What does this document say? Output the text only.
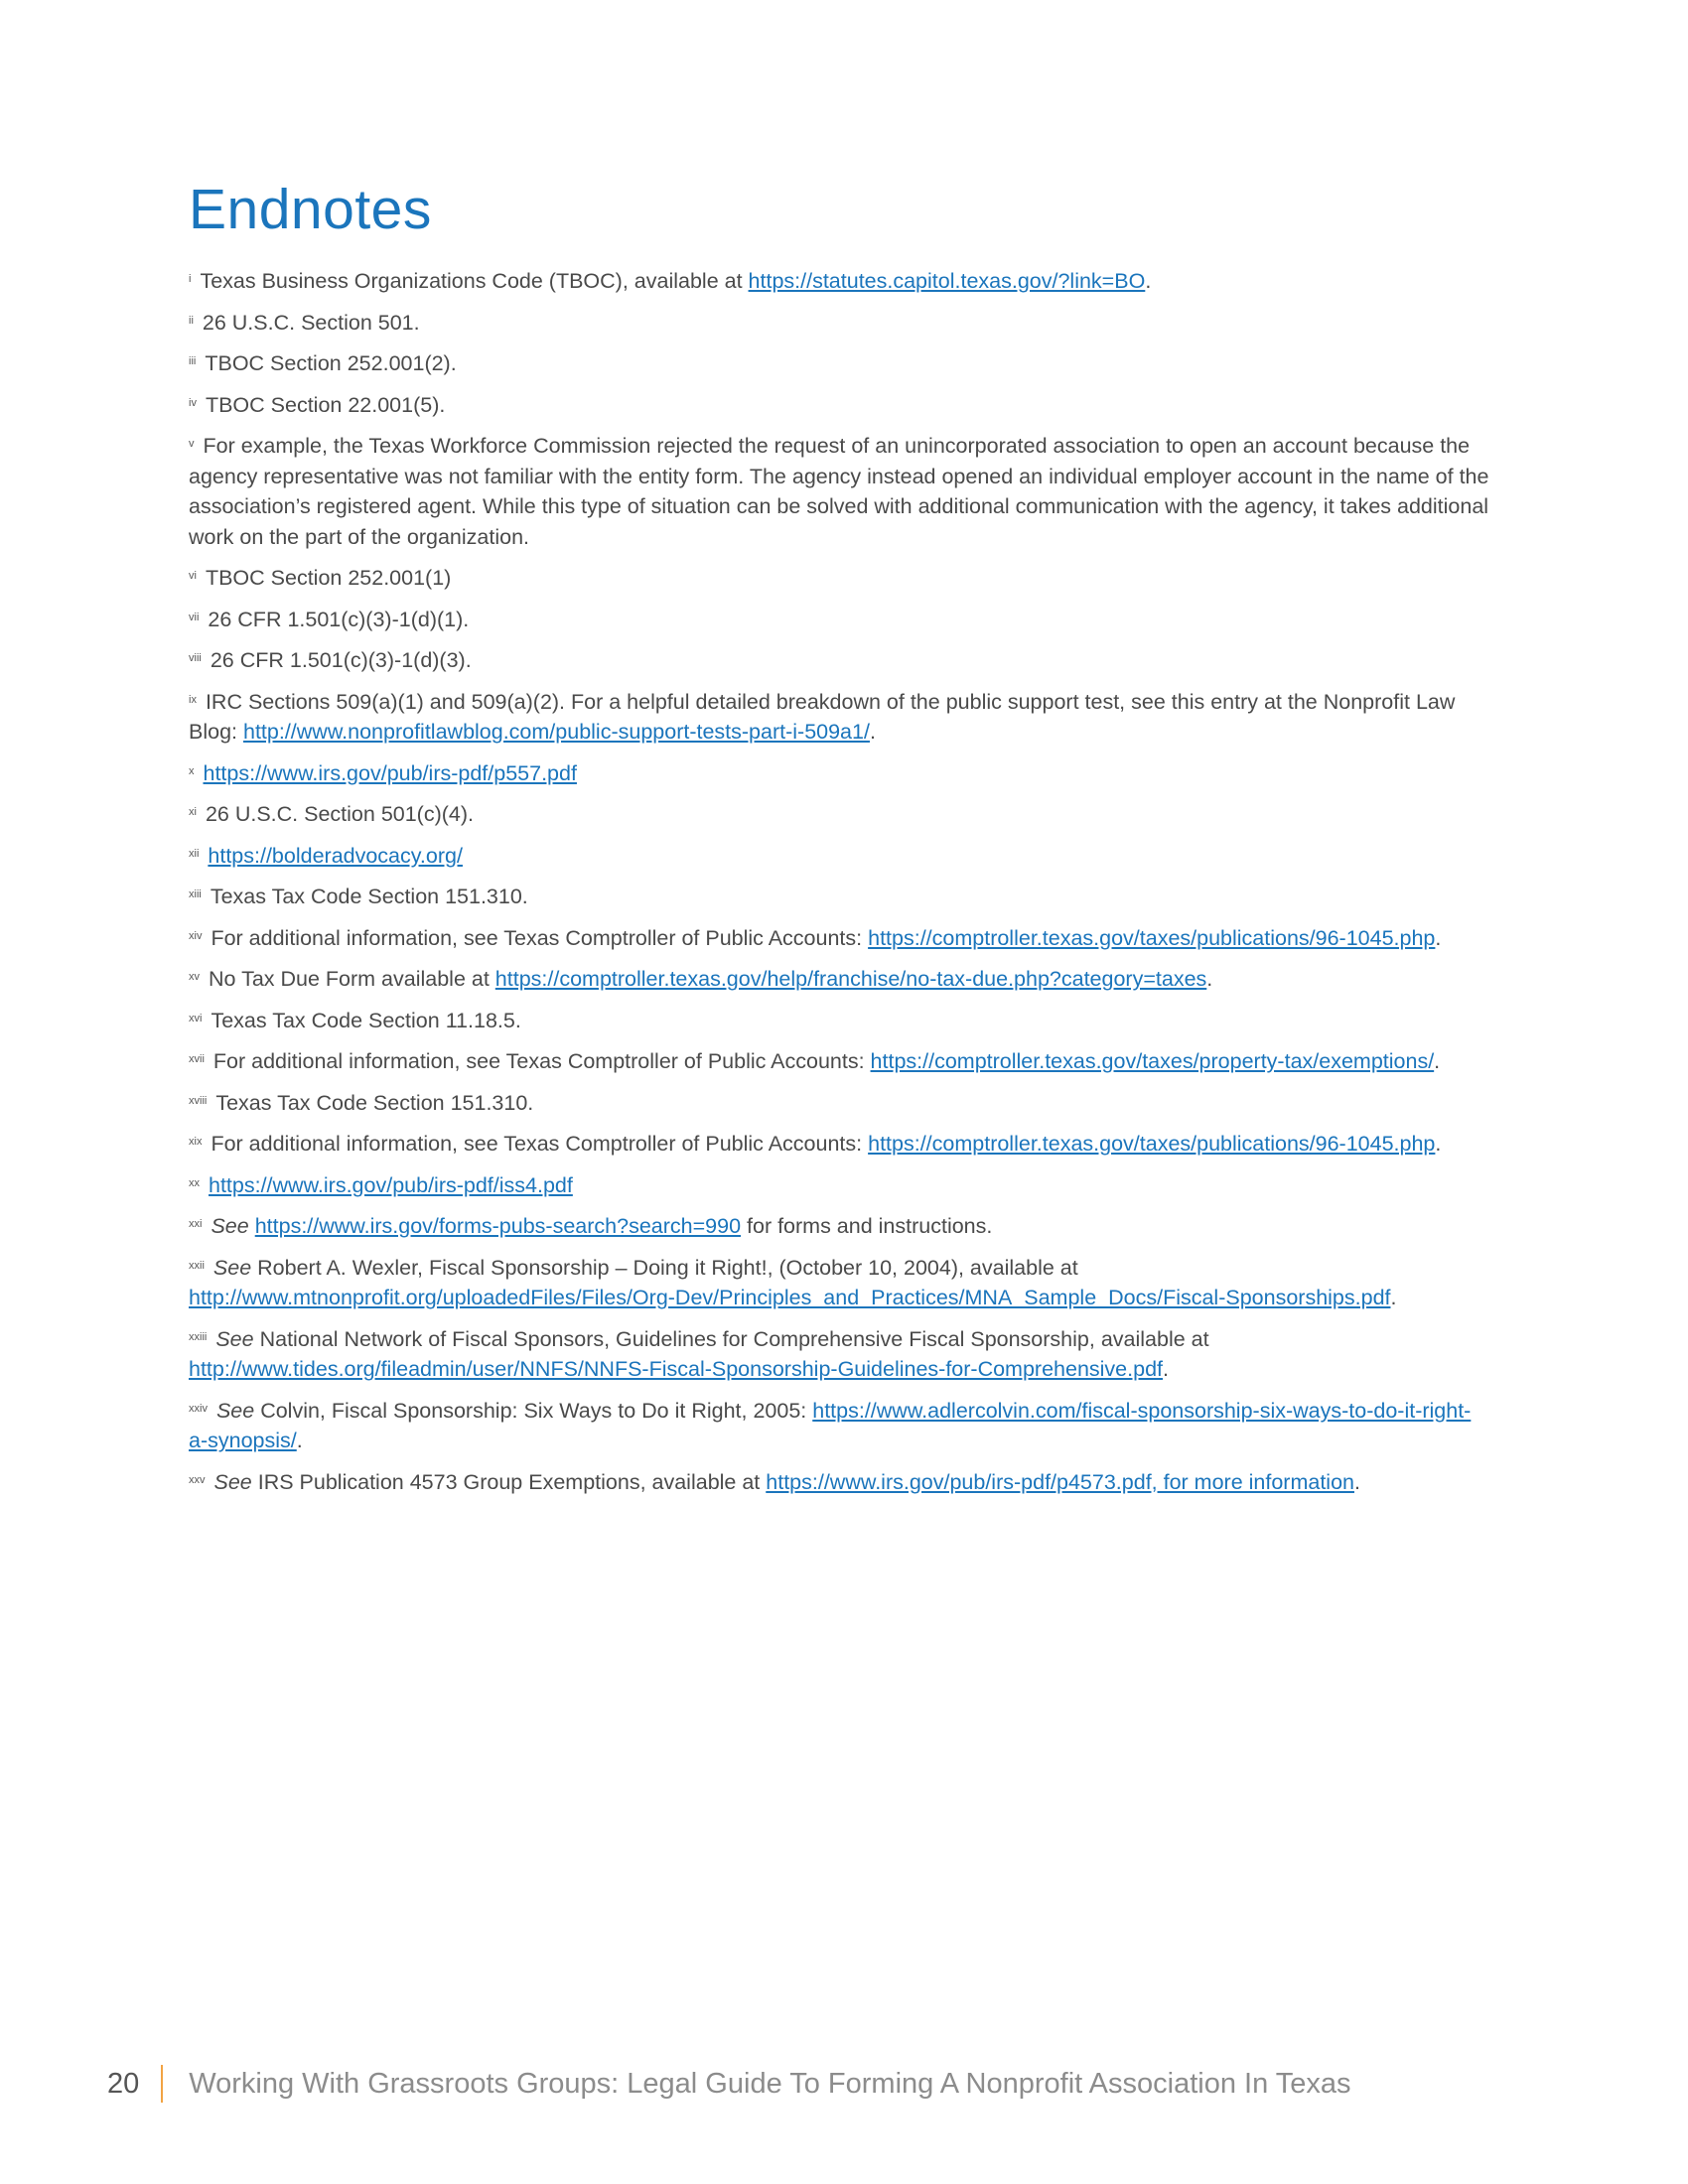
Endnotes

$^i$ Texas Business Organizations Code (TBOC), available at https://statutes.capitol.texas.gov/?link=BO.

$^{ii}$ 26 U.S.C. Section 501.

$^{iii}$ TBOC Section 252.001(2).

$^{iv}$ TBOC Section 22.001(5).

$^v$ For example, the Texas Workforce Commission rejected the request of an unincorporated association to open an account because the agency representative was not familiar with the entity form. The agency instead opened an individual employer account in the name of the association’s registered agent. While this type of situation can be solved with additional communication with the agency, it takes additional work on the part of the organization.

$^{vi}$ TBOC Section 252.001(1)

$^{vii}$ 26 CFR 1.501(c)(3)-1(d)(1).

$^{viii}$ 26 CFR 1.501(c)(3)-1(d)(3).

$^{ix}$ IRC Sections 509(a)(1) and 509(a)(2). For a helpful detailed breakdown of the public support test, see this entry at the Nonprofit Law Blog: http://www.nonprofitlawblog.com/public-support-tests-part-i-509a1/.

$^x$ https://www.irs.gov/pub/irs-pdf/p557.pdf

$^{xi}$ 26 U.S.C. Section 501(c)(4).

$^{xii}$ https://bolderadvocacy.org/

$^{xiii}$ Texas Tax Code Section 151.310.

$^{xiv}$ For additional information, see Texas Comptroller of Public Accounts: https://comptroller.texas.gov/taxes/publications/96-1045.php.

$^{xv}$ No Tax Due Form available at https://comptroller.texas.gov/help/franchise/no-tax-due.php?category=taxes.

$^{xvi}$ Texas Tax Code Section 11.18.5.

$^{xvii}$ For additional information, see Texas Comptroller of Public Accounts: https://comptroller.texas.gov/taxes/property-tax/exemptions/.

$^{xviii}$ Texas Tax Code Section 151.310.

$^{xix}$ For additional information, see Texas Comptroller of Public Accounts: https://comptroller.texas.gov/taxes/publications/96-1045.php.

$^{xx}$ https://www.irs.gov/pub/irs-pdf/iss4.pdf

$^{xxi}$ See https://www.irs.gov/forms-pubs-search?search=990 for forms and instructions.

$^{xxii}$ See Robert A. Wexler, Fiscal Sponsorship – Doing it Right!, (October 10, 2004), available at http://www.mtnonprofit.org/uploadedFiles/Files/Org-Dev/Principles_and_Practices/MNA_Sample_Docs/Fiscal-Sponsorships.pdf.

$^{xxiii}$ See National Network of Fiscal Sponsors, Guidelines for Comprehensive Fiscal Sponsorship, available at http://www.tides.org/fileadmin/user/NNFS/NNFS-Fiscal-Sponsorship-Guidelines-for-Comprehensive.pdf.

$^{xxiv}$ See Colvin, Fiscal Sponsorship: Six Ways to Do it Right, 2005: https://www.adlercolvin.com/fiscal-sponsorship-six-ways-to-do-it-right-a-synopsis/.

$^{xxv}$ See IRS Publication 4573 Group Exemptions, available at https://www.irs.gov/pub/irs-pdf/p4573.pdf, for more information.

20 Working With Grassroots Groups: Legal Guide To Forming A Nonprofit Association In Texas
